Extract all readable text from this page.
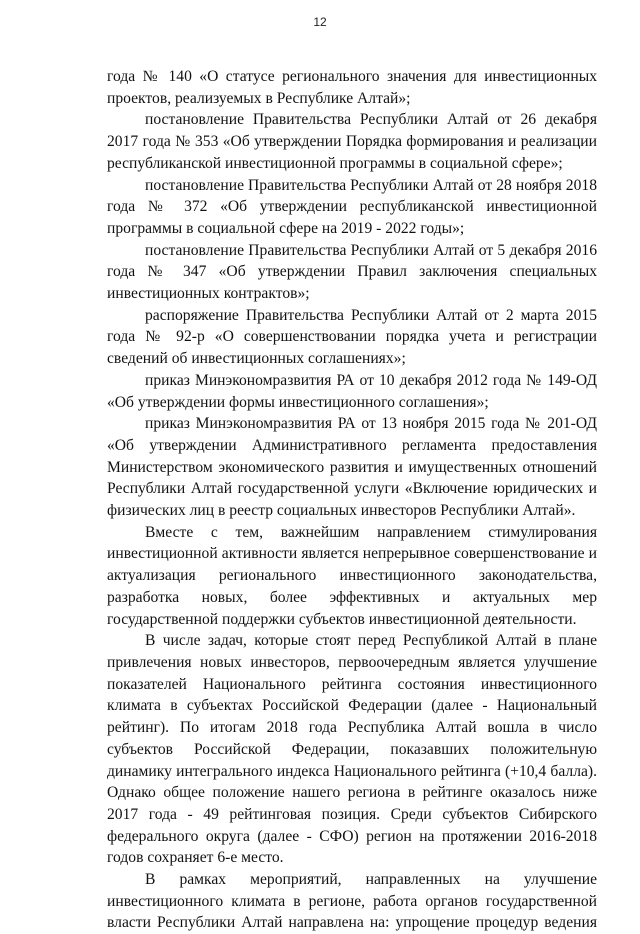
12

года № 140 «О статусе регионального значения для инвестиционных проектов, реализуемых в Республике Алтай»;

постановление Правительства Республики Алтай от 26 декабря 2017 года № 353 «Об утверждении Порядка формирования и реализации республиканской инвестиционной программы в социальной сфере»;

постановление Правительства Республики Алтай от 28 ноября 2018 года № 372 «Об утверждении республиканской инвестиционной программы в социальной сфере на 2019 - 2022 годы»;

постановление Правительства Республики Алтай от 5 декабря 2016 года № 347 «Об утверждении Правил заключения специальных инвестиционных контрактов»;

распоряжение Правительства Республики Алтай от 2 марта 2015 года № 92-р «О совершенствовании порядка учета и регистрации сведений об инвестиционных соглашениях»;

приказ Минэкономразвития РА от 10 декабря 2012 года № 149-ОД «Об утверждении формы инвестиционного соглашения»;

приказ Минэкономразвития РА от 13 ноября 2015 года № 201-ОД «Об утверждении Административного регламента предоставления Министерством экономического развития и имущественных отношений Республики Алтай государственной услуги «Включение юридических и физических лиц в реестр социальных инвесторов Республики Алтай».

Вместе с тем, важнейшим направлением стимулирования инвестиционной активности является непрерывное совершенствование и актуализация регионального инвестиционного законодательства, разработка новых, более эффективных и актуальных мер государственной поддержки субъектов инвестиционной деятельности.

В числе задач, которые стоят перед Республикой Алтай в плане привлечения новых инвесторов, первоочередным является улучшение показателей Национального рейтинга состояния инвестиционного климата в субъектах Российской Федерации (далее - Национальный рейтинг). По итогам 2018 года Республика Алтай вошла в число субъектов Российской Федерации, показавших положительную динамику интегрального индекса Национального рейтинга (+10,4 балла). Однако общее положение нашего региона в рейтинге оказалось ниже 2017 года - 49 рейтинговая позиция. Среди субъектов Сибирского федерального округа (далее - СФО) регион на протяжении 2016-2018 годов сохраняет 6-е место.

В рамках мероприятий, направленных на улучшение инвестиционного климата в регионе, работа органов государственной власти Республики Алтай направлена на: упрощение процедур ведения
